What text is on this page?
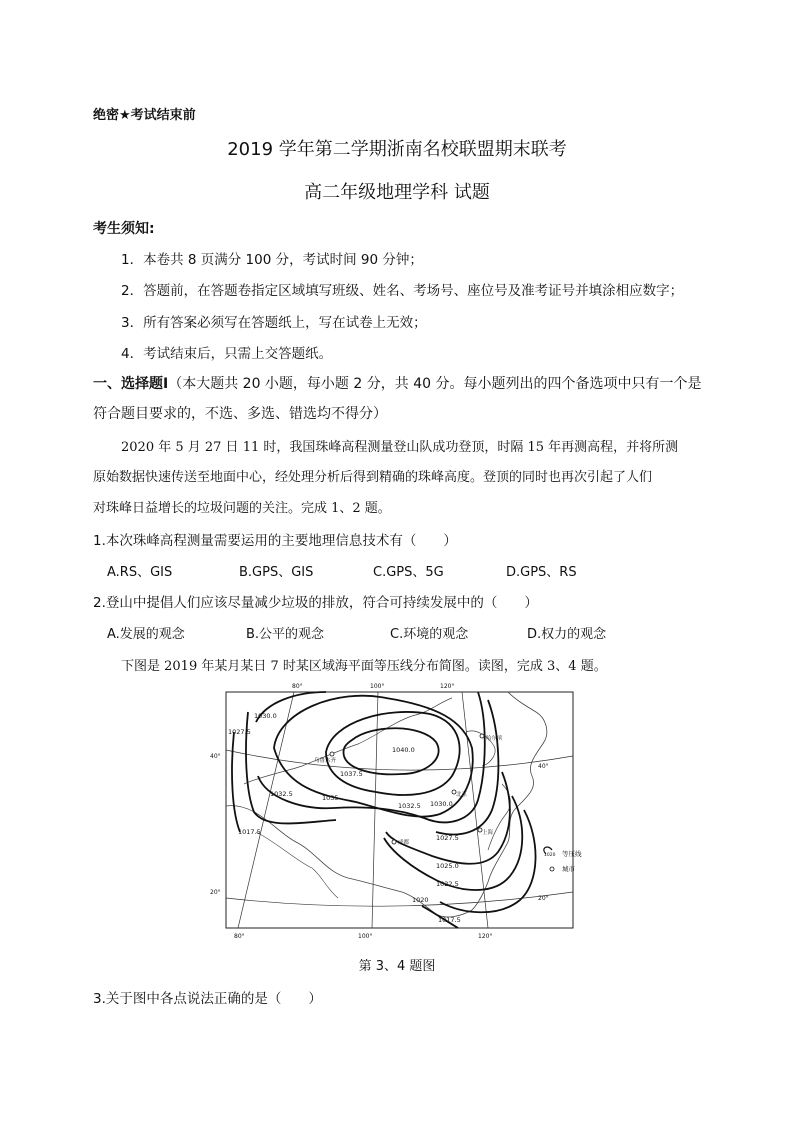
绝密★考试结束前
2019 学年第二学期浙南名校联盟期末联考
高二年级地理学科 试题
考生须知:
1．本卷共 8 页满分 100 分，考试时间 90 分钟；
2．答题前，在答题卷指定区域填写班级、姓名、考场号、座位号及准考证号并填涂相应数字；
3．所有答案必须写在答题纸上，写在试卷上无效；
4．考试结束后，只需上交答题纸。
一、选择题Ⅰ（本大题共 20 小题，每小题 2 分，共 40 分。每小题列出的四个备选项中只有一个是
符合题目要求的，不选、多选、错选均不得分）
2020 年 5 月 27 日 11 时，我国珠峰高程测量登山队成功登顶，时隔 15 年再测高程，并将所测
原始数据快速传送至地面中心，经处理分析后得到精确的珠峰高度。登顶的同时也再次引起了人们
对珠峰日益增长的垃圾问题的关注。完成 1、2 题。
1.本次珠峰高程测量需要运用的主要地理信息技术有（　　）
A.RS、GIS	B.GPS、GIS	C.GPS、5G	D.GPS、RS
2.登山中提倡人们应该尽量减少垃圾的排放，符合可持续发展中的（　　）
A.发展的观念	B.公平的观念	C.环境的观念	D.权力的观念
下图是 2019 年某月某日 7 时某区域海平面等压线分布简图。读图，完成 3、4 题。
1030.0
1027.5
1040.0
1037.5
1035
1032.5
1032.5 1030.0
1027.5
1025.0
1022.5
1020
1017.5
1017.5
乌鲁木齐
哈尔滨
北京
上海
成都
80°	100°	120°
80°	100°	120°
40°
20°
40°
20°
1020 等压线
城市
第 3、4 题图
3.关于图中各点说法正确的是（　　）
